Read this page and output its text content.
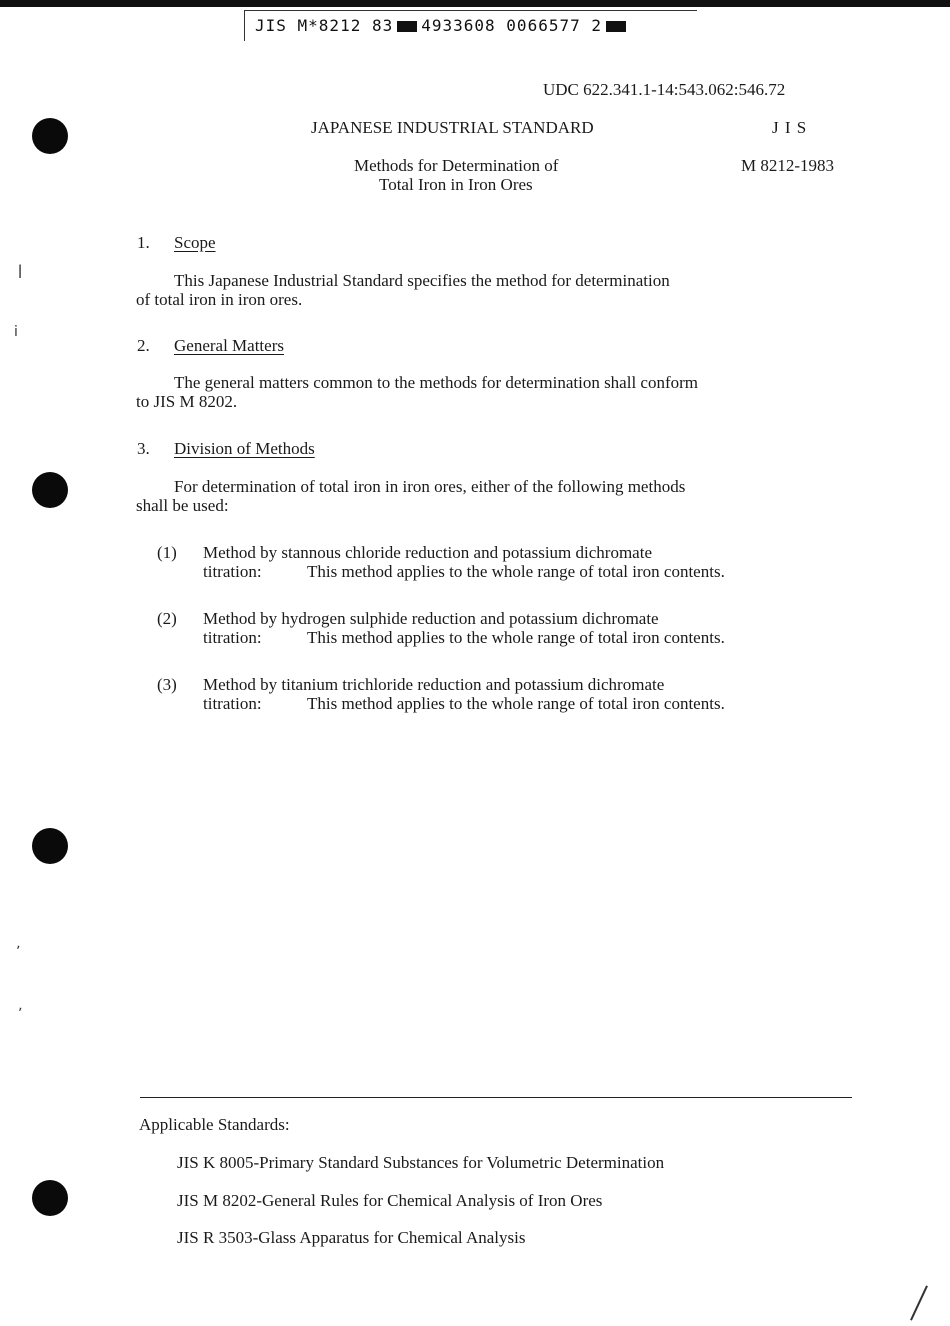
JIS M*8212 83 4933608 0066577 2
ǀ
ⅰ
ʼ
ʼ
UDC 622.341.1-14:543.062:546.72
JAPANESE INDUSTRIAL STANDARD	J I S
Methods for Determination of
Total Iron in Iron Ores
M 8212-1983
1. Scope
This Japanese Industrial Standard specifies the method for determination
of total iron in iron ores.
2. General Matters
The general matters common to the methods for determination shall conform
to JIS M 8202.
3. Division of Methods
For determination of total iron in iron ores, either of the following methods
shall be used:
(1) Method by stannous chloride reduction and potassium dichromate
titration:	This method applies to the whole range of total iron contents.
(2) Method by hydrogen sulphide reduction and potassium dichromate
titration:	This method applies to the whole range of total iron contents.
(3) Method by titanium trichloride reduction and potassium dichromate
titration:	This method applies to the whole range of total iron contents.
Applicable Standards:
JIS K 8005-Primary Standard Substances for Volumetric Determination
JIS M 8202-General Rules for Chemical Analysis of Iron Ores
JIS R 3503-Glass Apparatus for Chemical Analysis
